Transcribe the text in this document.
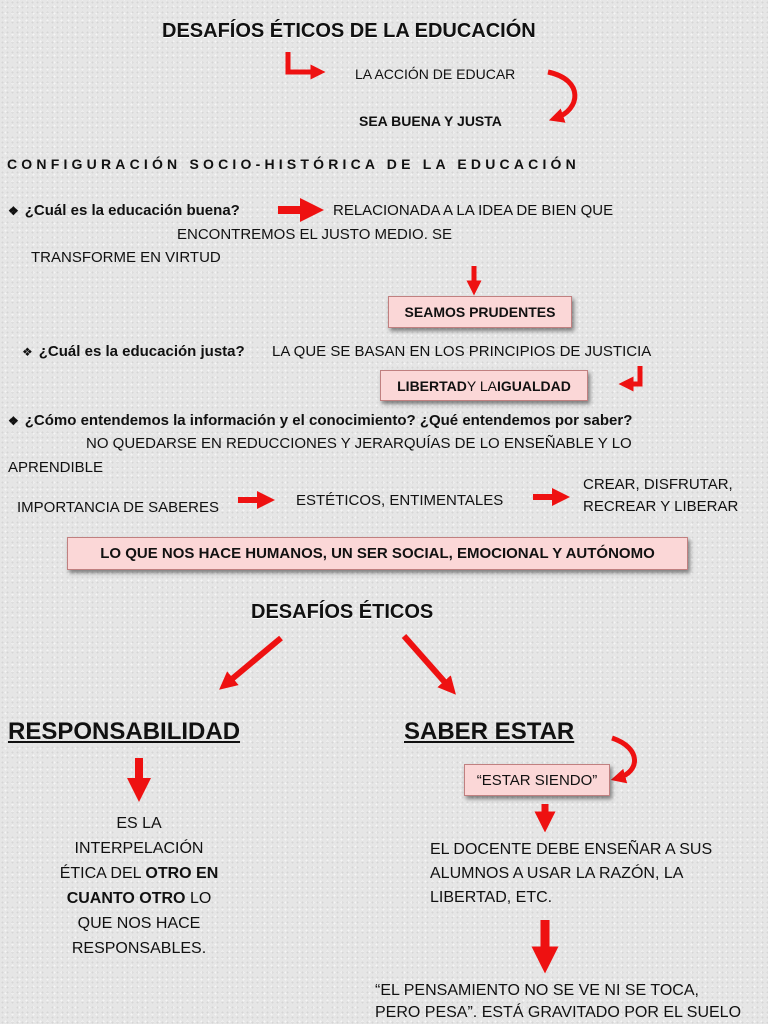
DESAFÍOS ÉTICOS DE LA EDUCACIÓN
LA ACCIÓN DE EDUCAR
SEA BUENA Y JUSTA
CONFIGURACIÓN SOCIO-HISTÓRICA DE LA EDUCACIÓN
❖ ¿Cuál es la educación buena?	RELACIONADA A LA IDEA DE BIEN QUE
ENCONTREMOS EL JUSTO MEDIO. SE
TRANSFORME EN VIRTUD
SEAMOS PRUDENTES
❖ ¿Cuál es la educación justa? LA QUE SE BASAN EN LOS PRINCIPIOS DE JUSTICIA
LIBERTAD Y LA IGUALDAD
❖ ¿Cómo entendemos la información y el conocimiento? ¿Qué entendemos por saber?
NO QUEDARSE EN REDUCCIONES Y JERARQUÍAS DE LO ENSEÑABLE Y LO
APRENDIBLE
IMPORTANCIA DE SABERES	ESTÉTICOS, ENTIMENTALES
CREAR, DISFRUTAR,
RECREAR Y LIBERAR
LO QUE NOS HACE HUMANOS, UN SER SOCIAL, EMOCIONAL Y AUTÓNOMO
DESAFÍOS ÉTICOS
RESPONSABILIDAD
ES LA
INTERPELACIÓN
ÉTICA DEL OTRO EN
CUANTO OTRO LO
QUE NOS HACE
RESPONSABLES.
SABER ESTAR
“ESTAR SIENDO”
EL DOCENTE DEBE ENSEÑAR A SUS
ALUMNOS A USAR LA RAZÓN, LA
LIBERTAD, ETC.
“EL PENSAMIENTO NO SE VE NI SE TOCA,
PERO PESA”. ESTÁ GRAVITADO POR EL SUELO
